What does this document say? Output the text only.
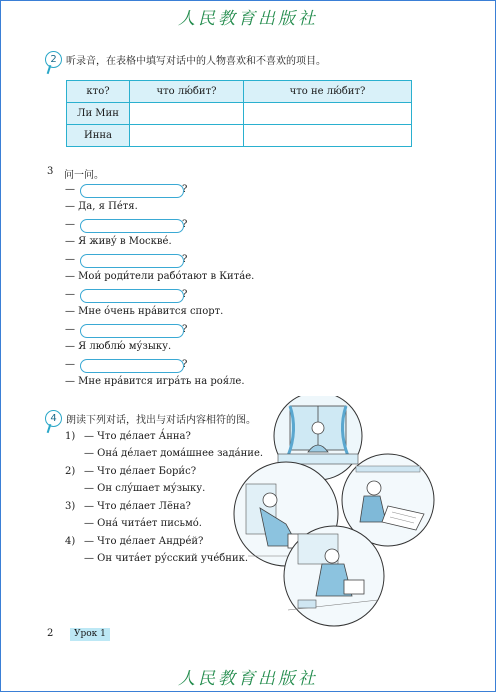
人民教育出版社
2 听录音，在表格中填写对话中的人物喜欢和不喜欢的项目。
кто?	что лю́бит?	что не лю́бит?
Ли Мин		
Инна		
3 问一问。
—	?
— Да, я Пе́тя.
—	?
— Я живу́ в Москве́.
—	?
— Мои́ роди́тели рабо́тают в Кита́е.
—	?
— Мне о́чень нра́вится спорт.
—	?
— Я люблю́ му́зыку.
—	?
— Мне нра́вится игра́ть на роя́ле.
4 朗读下列对话，找出与对话内容相符的图。
1) — Что де́лает А́нна?
— Она́ де́лает дома́шнее зада́ние.
2) — Что де́лает Бори́с?
— Он слу́шает му́зыку.
3) — Что де́лает Лёна?
— Она́ чита́ет письмо́.
4) — Что де́лает Андре́й?
— Он чита́ет ру́сский уче́бник.
2	Урок 1
人民教育出版社
